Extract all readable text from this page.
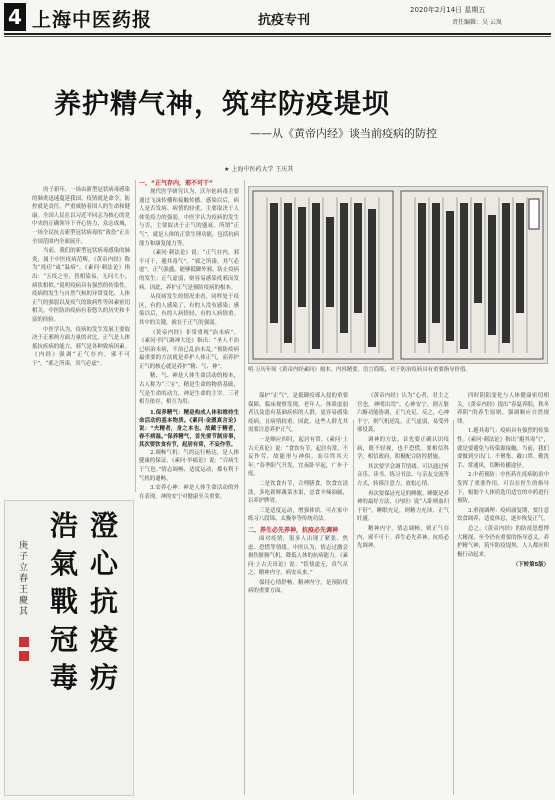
4 上海中医药报	抗疫专刊
2020年2月14日 星期五
责任编辑：吴 云岚
养护精气神，筑牢防疫堤坝
——从《黄帝内经》谈当前疫病的防控
★ 上海中医药大学 王庆其

庚子新年，一场由新型冠状病毒感染的肺炎迅速蔓延我国。疫情就是命令，防控就是责任。严重威胁着国人的生命和健康。全国人民在以习近平同志为核心的党中央的正确领导下齐心协力，众志成城，一场全民抗击新型冠状病毒的“战役”正在全国范围内全面展开。

当前，我们的新型冠状病毒感染的肺炎，属于中医疫病范畴。《黄帝内经》称为“疫疠”或“温病”。《素问·刺法论》指出：“五疫之至，皆相染易，无问大小，病状相似。”说明疫病具有强烈的传染性。疫病的发生与自然气候的异常变化、人体正气的强弱以及疫气的致病性等因素密切相关。中医防治疫病有着悠久的历史和丰富的经验。

中医学认为，疫病的发生发展主要取决于正邪两方面力量的对比。正气是人体抵抗疾病的能力，邪气是各种致病因素。《内经》强调“正气存内，邪不可干”，“邪之所凑，其气必虚”。

一、“正气存内，邪不可干”

现代医学研究认为，沃尔伦病毒主要通过飞沫传播和接触传播。感染以后，病人是否发病、病情的轻重，主要取决于人体免疫力的强弱。中医学认为疫病的发生与否，主要取决于正气的盛衰。所谓“正气”，就是人体的正常生理功能，包括抗病能力和康复能力等。

《素问·刺法论》说：“正气存内，邪不可干，避其毒气”，“邪之所凑，其气必虚”。正气强盛，能够抵御外邪，防止疫病的发生；正气虚弱，则容易感染疫邪而发病。因此，养护正气是预防疫病的根本。

从疫病发生的情况来看，同样处于疫区，有的人感染了，有的人没有感染；感染以后，有的人病情轻，有的人病情重。其中的关键，就在于正气的强弱。

《黄帝内经》非常重视“治未病”。《素问·四气调神大论》指出：“圣人不治已病治未病，不治已乱治未乱。”预防疫病最重要的方法就是养护人体正气，而养护正气的核心就是养护“精、气、神”。

精、气、神是人体生命活动的根本，古人称为“三宝”。精是生命的物质基础，气是生命的动力，神是生命的主宰。三者相互依存，相互为用。

1.保养精气：精是构成人体和维持生命活动的基本物质。《素问·金匮真言论》说：“夫精者，身之本也。故藏于精者，春不病温。”保养精气，首先要节制房事，其次要饮食有节，起居有常，不妄作劳。

2.调畅气机：气的运行畅达，是人体健康的保证。《素问·举痛论》说：“百病生于气也。”情志调畅、适度运动，都有利于气机的通畅。

3.安养心神：神是人体生命活动的外在表现，神的安宁对健康至关重要。

明·万历年间《黄帝内经素问》刻本，内容精要，语言简练，对于防治疫病具有重要指导价值。

保护“正气”，是抵御疫邪入侵的重要保障。临床观察发现，老年人、体质虚弱者以及患有基础疾病的人群，更容易感染疫病，且病情较重。因此，这些人群尤其需要注意养护正气。

一是顺应四时，起居有常。《素问·上古天真论》说：“食饮有节，起居有常，不妄作劳，故能形与神俱，而尽终其天年。”春季阳气升发，宜夜卧早起，广步于庭。

二是饮食有节，合理膳食。饮食宜清淡，多吃新鲜蔬菜水果，忌食辛辣油腻，以养护脾胃。

三是适度运动，增强体质。可在家中练习八段锦、太极拳等传统功法。

二、养生必先养神，抗疫必先调神

面对疫情，很多人出现了紧张、焦虑、恐慌等情绪。中医认为，情志过激会损伤脏腑气机，降低人体的抗病能力。《素问·上古天真论》说：“恬惔虚无，真气从之，精神内守，病安从来。”

保持心情舒畅，精神内守，是预防疫病的重要方面。

《黄帝内经》认为“心者，君主之官也，神明出焉”。心神安宁，则五脏六腑功能协调，正气充足。反之，心神不宁，则气机逆乱，正气虚弱，易受外邪侵袭。

调神的方法，首先要正确认识疫病，既不轻视，也不恐慌。要相信科学，相信政府，积极配合防控措施。

其次要学会调节情绪。可以通过听音乐、读书、练习书法、与亲友交流等方式，转移注意力，放松心情。

再次要保证充足的睡眠。睡眠是养神的最好方法，《内经》说“人卧则血归于肝”。睡眠充足，则精力充沛，正气旺盛。

精神内守，情志调畅，则正气存内，邪不可干。养生必先养神，抗疫必先调神。

四时阴阳变化与人体健康密切相关。《黄帝内经》提出“春夏养阳，秋冬养阴”的养生原则，强调顺应自然规律。

1.避其毒气：疫病具有强烈的传染性。《素问·刺法论》指出“避其毒气”，就是要避免与传染源接触。当前，我们要做到少出门、不聚集、戴口罩、勤洗手、常通风，切断传播途径。

2.中药预防：中医药在疫病防治中发挥了重要作用。可以在医生的指导下，根据个人体质选用适宜的中药进行预防。

3.重视调理：疫病康复期，要注意饮食调养，适度休息，逐步恢复正气。

总之，《黄帝内经》的防疫思想博大精深，至今仍有重要的指导意义。养护精气神，筑牢防疫堤坝，人人都应积极行动起来。

（下转第5版）
澄心抗疫疠
浩氣戰冠毒
庚子立春王慶其
